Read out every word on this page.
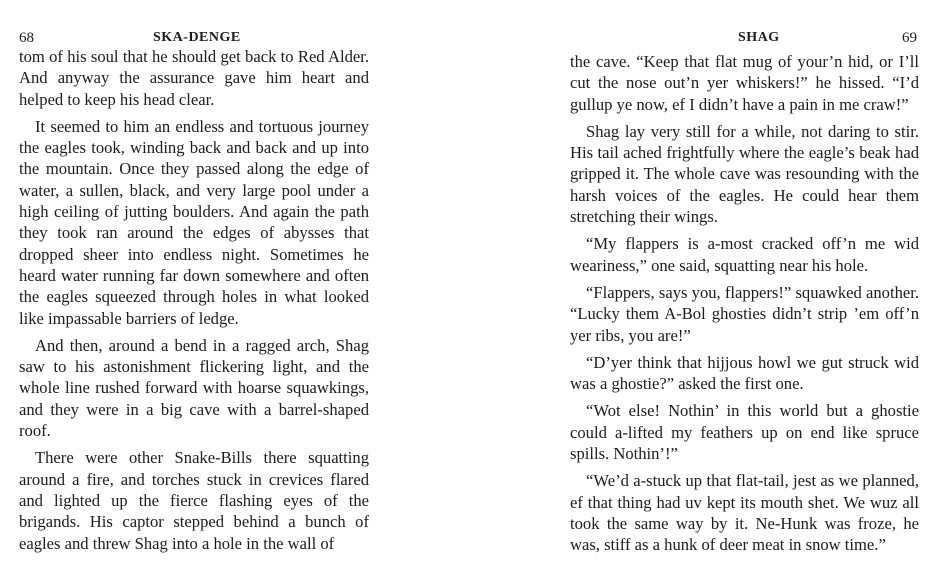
68	SKA-DENGE

tom of his soul that he should get back to Red Alder. And anyway the assurance gave him heart and helped to keep his head clear.

It seemed to him an endless and tortuous journey the eagles took, winding back and back and up into the mountain. Once they passed along the edge of water, a sullen, black, and very large pool under a high ceiling of jutting boulders. And again the path they took ran around the edges of abysses that dropped sheer into endless night. Sometimes he heard water running far down somewhere and often the eagles squeezed through holes in what looked like impassable barriers of ledge.

And then, around a bend in a ragged arch, Shag saw to his astonishment flickering light, and the whole line rushed forward with hoarse squawkings, and they were in a big cave with a barrel-shaped roof.

There were other Snake-Bills there squatting around a fire, and torches stuck in crevices flared and lighted up the fierce flashing eyes of the brigands. His captor stepped behind a bunch of eagles and threw Shag into a hole in the wall of

SHAG	69

the cave. “Keep that flat mug of your’n hid, or I’ll cut the nose out’n yer whiskers!” he hissed. “I’d gullup ye now, ef I didn’t have a pain in me craw!”

Shag lay very still for a while, not daring to stir. His tail ached frightfully where the eagle’s beak had gripped it. The whole cave was resounding with the harsh voices of the eagles. He could hear them stretching their wings.

“My flappers is a-most cracked off’n me wid weariness,” one said, squatting near his hole.

“Flappers, says you, flappers!” squawked another. “Lucky them A-Bol ghosties didn’t strip ’em off’n yer ribs, you are!”

“D’yer think that hijjous howl we gut struck wid was a ghostie?” asked the first one.

“Wot else! Nothin’ in this world but a ghostie could a-lifted my feathers up on end like spruce spills. Nothin’!”

“We’d a-stuck up that flat-tail, jest as we planned, ef that thing had uv kept its mouth shet. We wuz all took the same way by it. Ne-Hunk was froze, he was, stiff as a hunk of deer meat in snow time.”
